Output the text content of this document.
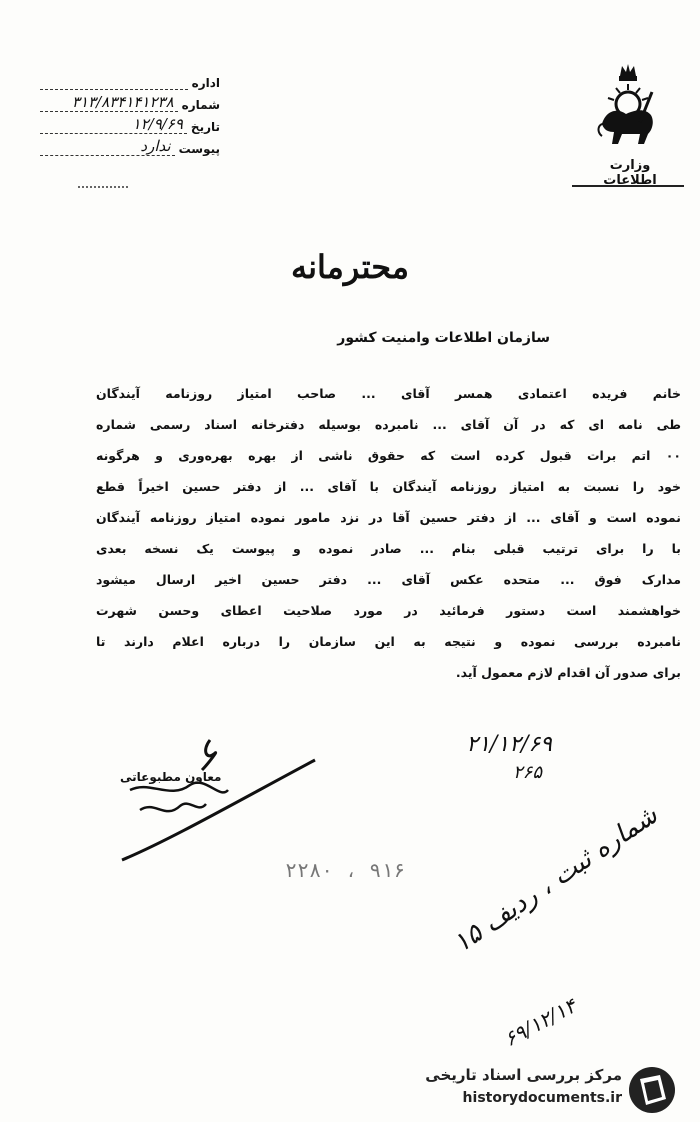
اداره
شماره
۳۱۳/۸۳۴۱۴۱۲۳۸
تاریخ
۱۲/۹/۶۹
پیوست
ندارد
وزارت اطلاعات
محترمانه
سازمان اطلاعات وامنیت کشور
خانم فریده اعتمادی همسر آقای ... صاحب امتیاز روزنامه آیندگان
طی نامه ای که در آن آقای ... نامبرده بوسیله دفترخانه اسناد رسمی شماره
۰۰ اتم برات قبول کرده است که حقوق ناشی از بهره بهره‌وری و هرگونه
خود را نسبت به امتیاز روزنامه آیندگان با آقای ... از دفتر حسین اخیراً قطع
نموده است و آقای ... از دفتر حسین آقا در نزد مامور نموده امتیاز روزنامه آیندگان
با را برای ترتیب قبلی بنام ... صادر نموده و پیوست یک نسخه بعدی
مدارک فوق ... متحده عکس آقای ... دفتر حسین اخیر ارسال میشود
خواهشمند است دستور فرمائید در مورد صلاحیت اعطای وحسن شهرت
نامبرده بررسی نموده و نتیجه به این سازمان را درباره اعلام دارند تا
برای صدور آن اقدام لازم معمول آید.
۲۱/۱۲/۶۹
۲۶۵
معاون مطبوعاتی
۲۲۸۰ ، ۹۱۶
شماره ثبت ، ردیف ۱۵
۶۹/۱۲/۱۴
مرکز بررسی اسناد تاریخی
historydocuments.ir
